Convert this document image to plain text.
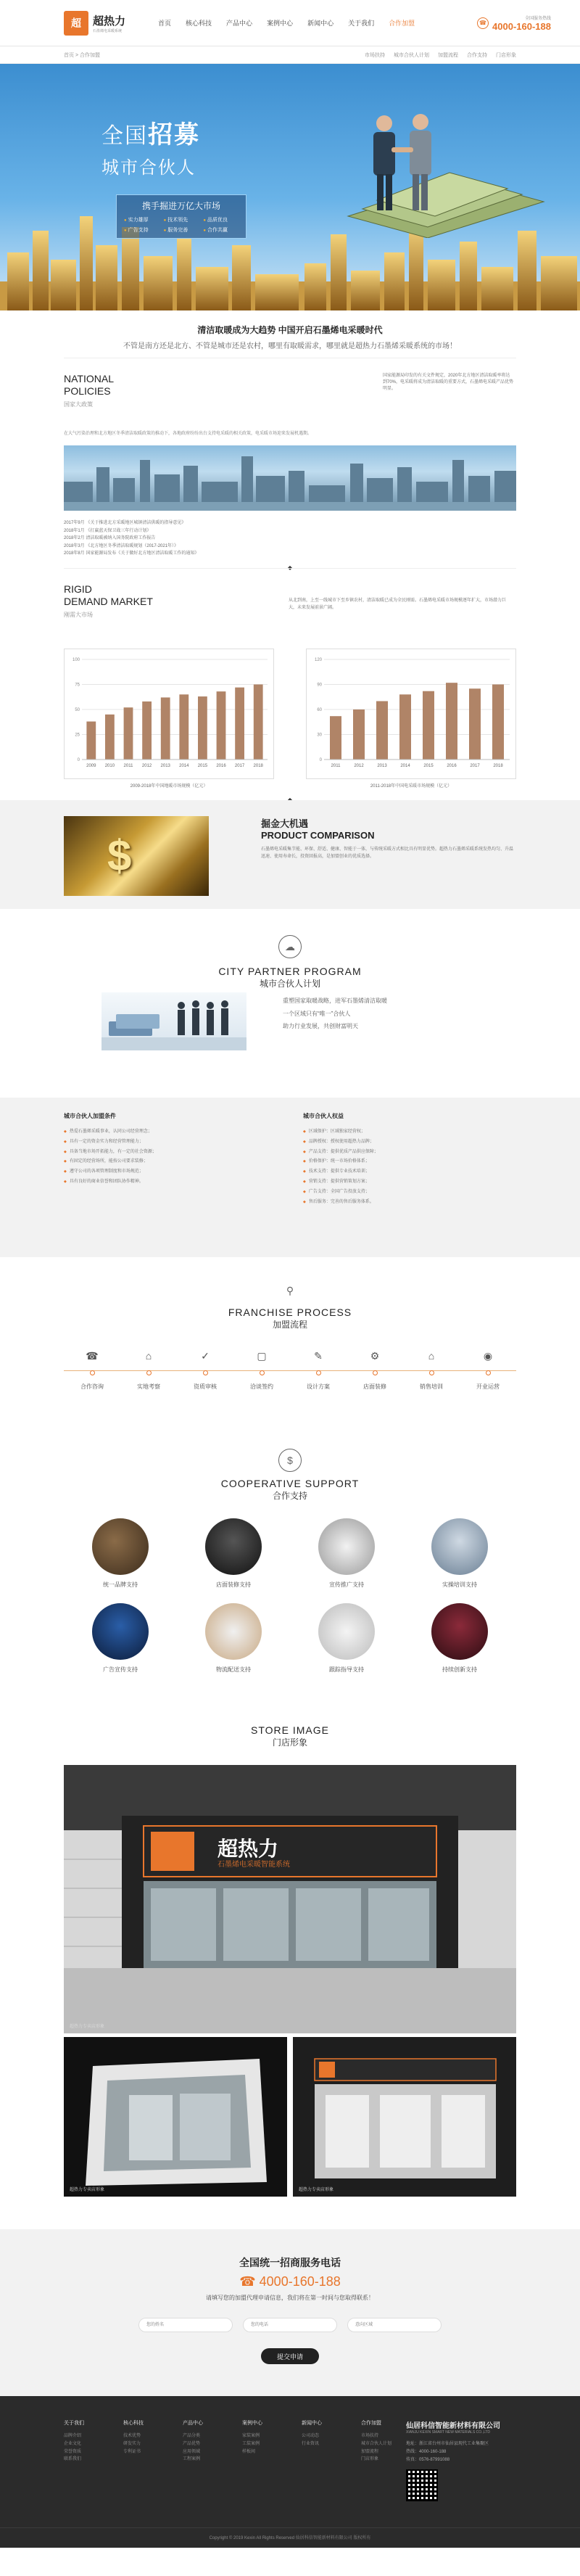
超	超热力
石墨烯电采暖系统
首页	核心科技	产品中心	案例中心	新闻中心	关于我们	合作加盟	☎
全国服务热线
4000-160-188
首页 > 合作加盟	市场扶持 城市合伙人计划 加盟流程 合作支持 门店形象
全国招募
城市合伙人
携手掘进万亿大市场
● 实力雄厚	● 技术领先	● 品质优良
● 广告支持	● 服务完善	● 合作共赢
清洁取暖成为大趋势 中国开启石墨烯电采暖时代

不管是南方还是北方、不管是城市还是农村，哪里有取暖需求，哪里就是超热力石墨烯采暖系统的市场！

NATIONAL
POLICIES
国家大政策
国家能源局印发的有关文件规定，2020年北方地区清洁取暖率将达到70%，电采暖将成为清洁取暖的重要方式，石墨烯电采暖产品优势明显。
在大气污染治理和北方地区冬季清洁取暖政策的推动下，各地政府纷纷出台支持电采暖的相关政策，电采暖市场迎来发展机遇期。
2017年9月 《关于推进北方采暖地区城镇清洁供暖的指导意见》
2018年1月 《打赢蓝天保卫战三年行动计划》
2018年2月 清洁取暖被纳入国务院政府工作报告
2018年3月 《北方地区冬季清洁取暖规划（2017-2021年）》
2018年8月 国家能源局发布《关于做好北方地区清洁取暖工作的通知》
◆
RIGID
DEMAND MARKET
刚需大市场
从北到南，上至一线城市下至乡镇农村，清洁取暖已成为全民刚需。石墨烯电采暖市场规模逐年扩大，市场潜力巨大，未来发展前景广阔。
0
25
50
75
100
2009 2010 2011 2012 2013 2014 2015 2016 2017 2018
2009-2018年中国地暖市场规模（亿元）
0
30
60
90
120
2011	2012	2013	2014	2015	2016	2017	2018
2011-2018年中国电采暖市场规模（亿元）
$
掘金大机遇
PRODUCT COMPARISON

石墨烯电采暖集节能、环保、舒适、健康、智能于一体，与传统采暖方式相比具有明显优势。超热力石墨烯采暖系统发热均匀、升温迅速、使用寿命长，投资回报高，是加盟创业的优质选择。

☁
CITY PARTNER PROGRAM
城市合伙人计划
重塑国家取暖战略，进军石墨烯清洁取暖
一个区域只有“唯一”合伙人
助力行业发展，共创财富明天
城市合伙人加盟条件
◆ 热爱石墨烯采暖事业，认同公司经营理念；
◆ 具有一定的资金实力和经营管理能力；
◆ 具备当地市场开拓能力，有一定的社会资源；
◆ 有固定的经营场所，能按公司要求装修；
◆ 遵守公司的各项管理制度和市场规范；
◆ 具有良好的商业信誉和团队协作精神。
城市合伙人权益
◆ 区域保护：区域独家经营权；
◆ 品牌授权：授权使用超热力品牌；
◆ 产品支持：提供优质产品供应保障；
◆ 价格保护：统一市场价格体系；
◆ 技术支持：提供专业技术培训；
◆ 营销支持：提供营销策划方案；
◆ 广告支持：全国广告投放支持；
◆ 售后服务：完善的售后服务体系。
⚲
FRANCHISE PROCESS
加盟流程
☎
合作咨询
⌂
实地考察
✓
资质审核
▢
洽谈签约
✎
设计方案
⚙
店面装修
⌂
销售培训
◉
开业运营
$
COOPERATIVE SUPPORT
合作支持
统一品牌支持	店面装修支持	宣传推广支持	实操培训支持
广告宣传支持	物流配送支持	跟踪指导支持	持续创新支持
STORE IMAGE
门店形象
超热力
石墨烯电采暖智能系统
超热力专卖店形象
超热力专卖店形象	超热力专卖店形象
全国统一招商服务电话
☎ 4000-160-188
请填写您的加盟代理申请信息，我们将在第一时间与您取得联系！
您的姓名
您的电话
意向区域
提交申请
关于我们

品牌介绍

企业文化

荣誉资质

联系我们

核心科技

技术优势

研发实力

专利证书

产品中心

产品分类

产品优势

应用领域

工程案例

案例中心

家装案例

工装案例

样板间

新闻中心

公司动态

行业资讯

合作加盟

市场扶持

城市合伙人计划

加盟流程

门店形象

仙居科信智能新材料有限公司
XIANJU KEXIN SMART NEW MATERIALS CO.,LTD

地址：浙江省台州市仙居县现代工业集聚区

热线：4000-160-188

传真：0576-87991088

Copyright © 2019 Kexin All Rights Reserved 仙居科信智能新材料有限公司 版权所有
